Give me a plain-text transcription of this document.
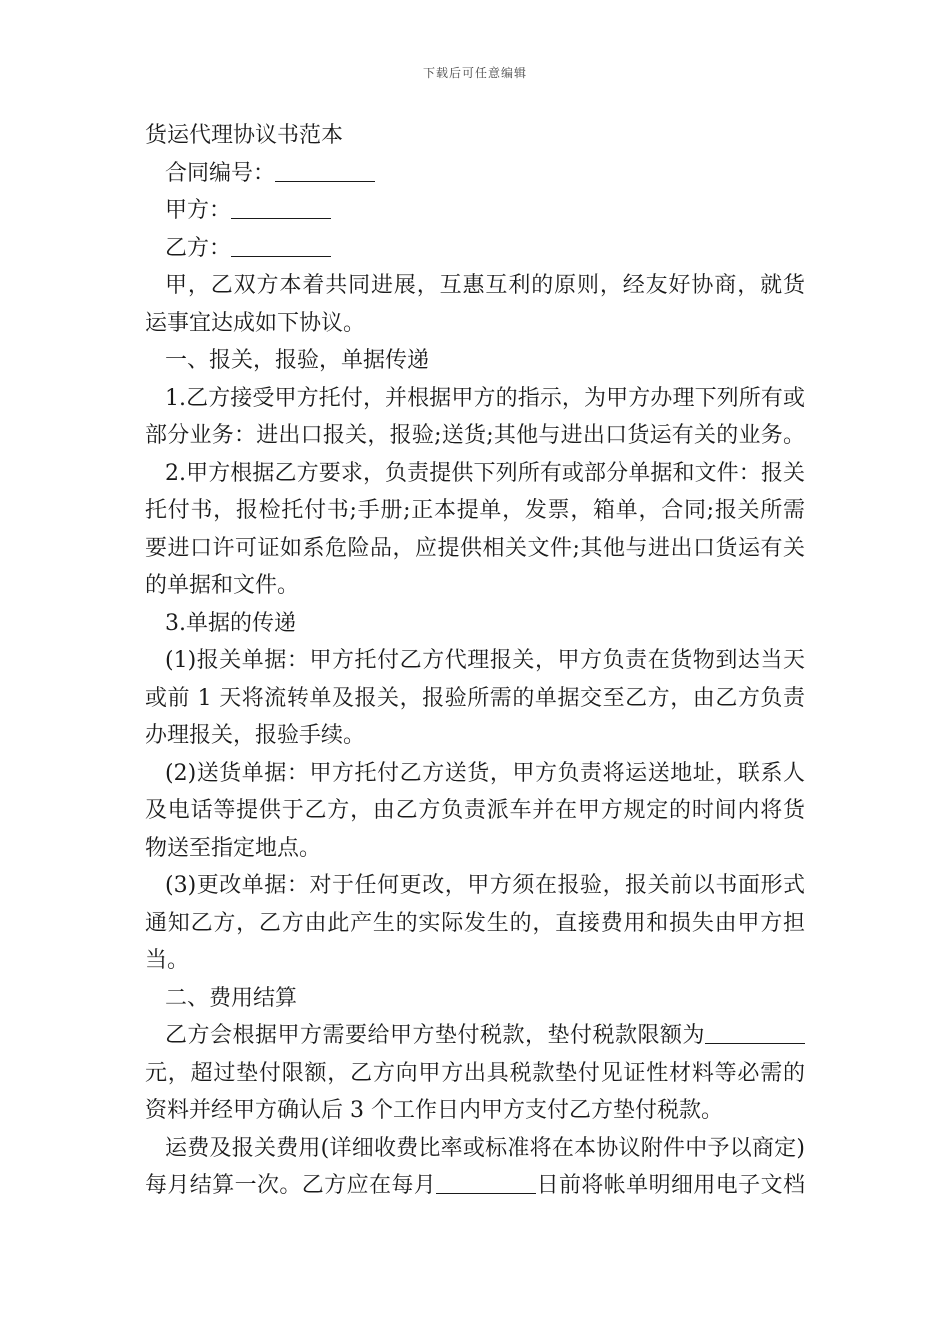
下载后可任意编辑

货运代理协议书范本

合同编号：

甲方：

乙方：

甲，乙双方本着共同进展，互惠互利的原则，经友好协商，就货

运事宜达成如下协议。

一、报关，报验，单据传递

1.乙方接受甲方托付，并根据甲方的指示，为甲方办理下列所有或

部分业务：进出口报关，报验;送货;其他与进出口货运有关的业务。

2.甲方根据乙方要求，负责提供下列所有或部分单据和文件：报关

托付书，报检托付书;手册;正本提单，发票，箱单，合同;报关所需

要进口许可证如系危险品，应提供相关文件;其他与进出口货运有关

的单据和文件。

3.单据的传递

(1)报关单据：甲方托付乙方代理报关，甲方负责在货物到达当天

或前 1 天将流转单及报关，报验所需的单据交至乙方，由乙方负责

办理报关，报验手续。

(2)送货单据：甲方托付乙方送货，甲方负责将运送地址，联系人

及电话等提供于乙方，由乙方负责派车并在甲方规定的时间内将货

物送至指定地点。

(3)更改单据：对于任何更改，甲方须在报验，报关前以书面形式

通知乙方，乙方由此产生的实际发生的，直接费用和损失由甲方担

当。

二、费用结算

乙方会根据甲方需要给甲方垫付税款，垫付税款限额为

元，超过垫付限额，乙方向甲方出具税款垫付见证性材料等必需的

资料并经甲方确认后 3 个工作日内甲方支付乙方垫付税款。

运费及报关费用(详细收费比率或标准将在本协议附件中予以商定)

每月结算一次。乙方应在每月	日前将帐单明细用电子文档
